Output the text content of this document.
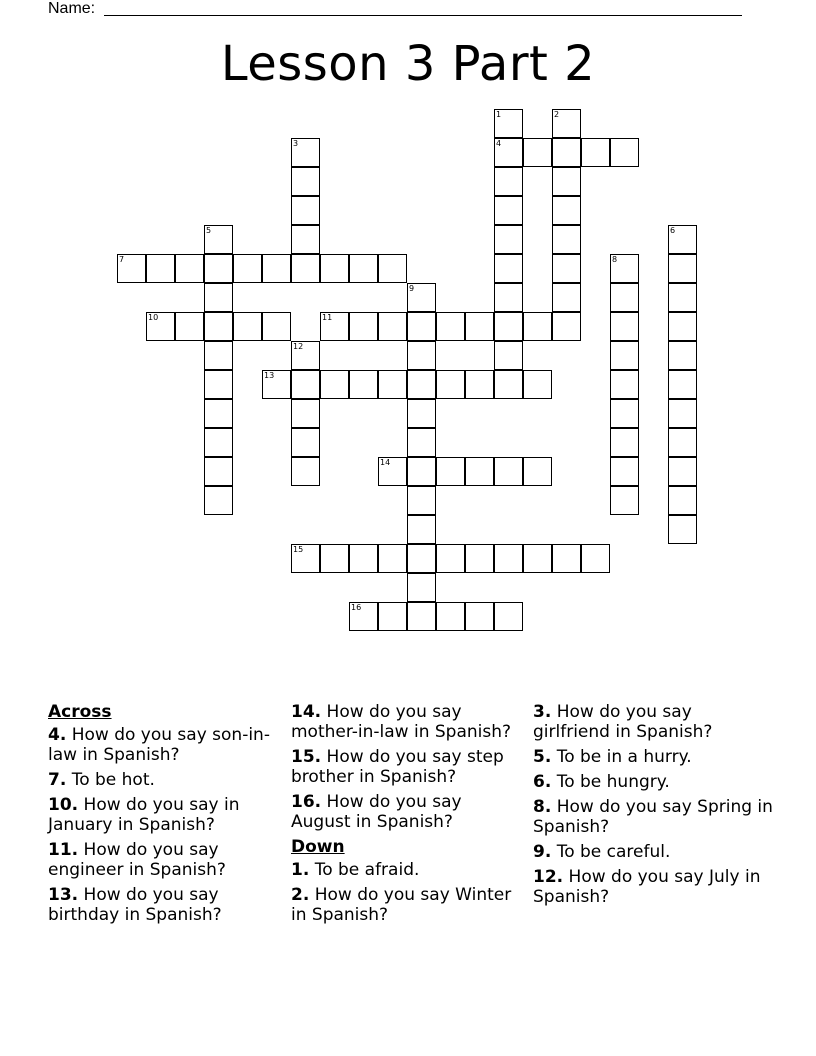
Name:
Lesson 3 Part 2
4
7
10	11
13
14
15
16
1	2
3
5	6
8
9
12
Across
4. How do you say son-in-law in Spanish?
7. To be hot.
10. How do you say in January in Spanish?
11. How do you say engineer in Spanish?
13. How do you say birthday in Spanish?
14. How do you say mother-in-law in Spanish?
15. How do you say step brother in Spanish?
16. How do you say August in Spanish?
Down
1. To be afraid.
2. How do you say Winter in Spanish?
3. How do you say girlfriend in Spanish?
5. To be in a hurry.
6. To be hungry.
8. How do you say Spring in Spanish?
9. To be careful.
12. How do you say July in Spanish?
